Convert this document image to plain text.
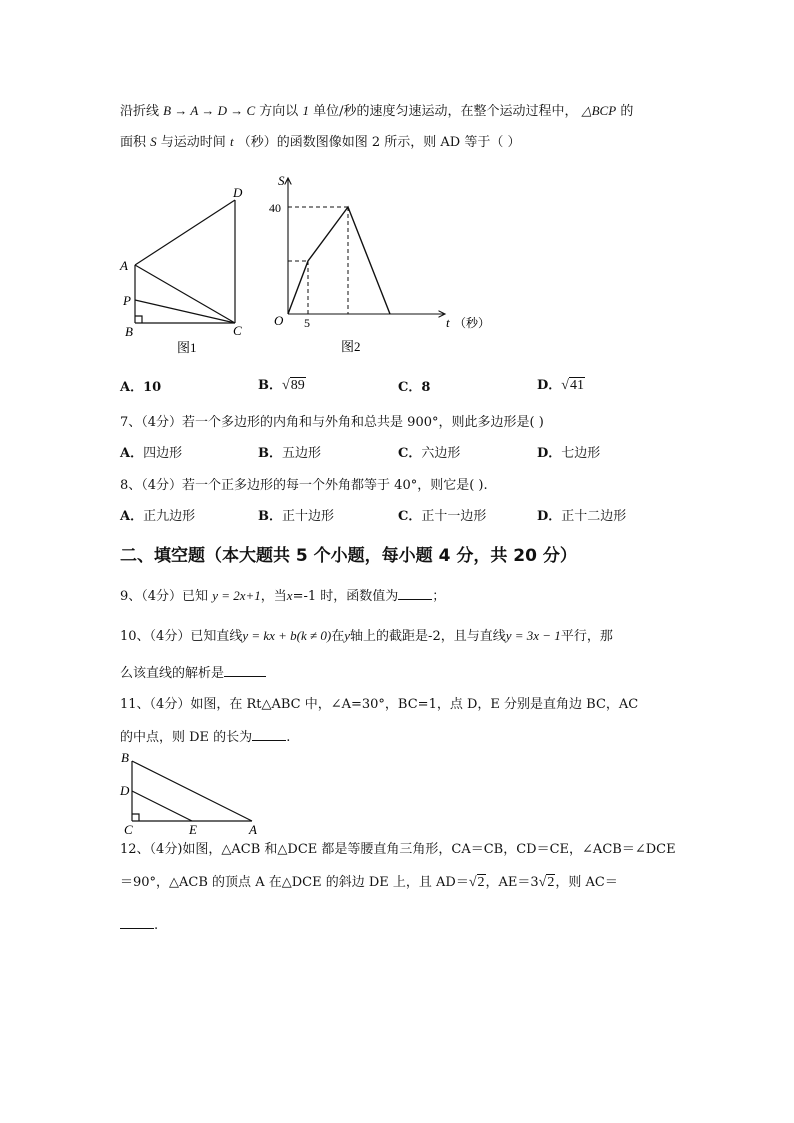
沿折线 B → A → D → C 方向以 1 单位/秒的速度匀速运动，在整个运动过程中， △BCP 的
面积 S 与运动时间 t （秒）的函数图像如图 2 所示，则 AD 等于（ ）
A
P
B	C
D
图1
S
40
O 5	t （秒）
图2
A．10	B．√89	C．8	D．√41
7、（4分）若一个多边形的内角和与外角和总共是 900°，则此多边形是( )
A．四边形	B．五边形	C．六边形	D．七边形
8、（4分）若一个正多边形的每一个外角都等于 40°，则它是( ).
A．正九边形	B．正十边形	C．正十一边形	D．正十二边形
二、填空题（本大题共 5 个小题，每小题 4 分，共 20 分）
9、（4分）已知 y = 2x+1，当x=-1 时，函数值为	；
10、（4分）已知直线y = kx + b(k ≠ 0)在y轴上的截距是-2，且与直线y = 3x − 1平行，那
么该直线的解析是
11、（4分）如图，在 Rt△ABC 中，∠A=30°，BC=1，点 D，E 分别是直角边 BC，AC
的中点，则 DE 的长为	.
B
D
C	E	A
12、（4分)如图，△ACB 和△DCE 都是等腰直角三角形，CA＝CB，CD＝CE，∠ACB＝∠DCE
＝90°，△ACB 的顶点 A 在△DCE 的斜边 DE 上，且 AD＝√2，AE＝3√2，则 AC＝
.
